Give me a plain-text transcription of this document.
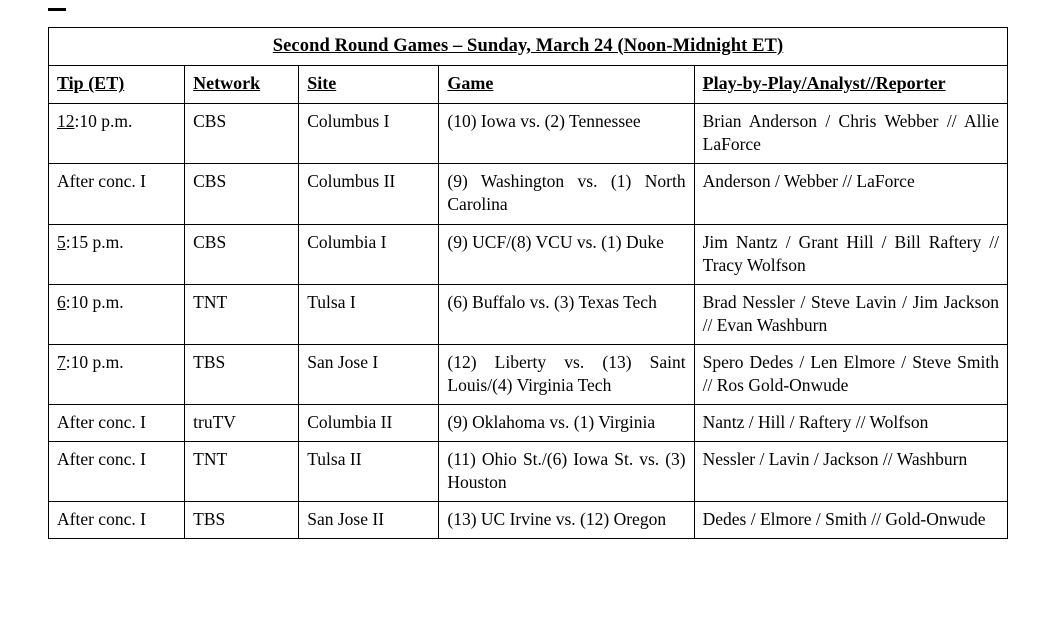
Second Round Games – Sunday, March 24 (Noon-Midnight ET)				
Tip (ET)	Network	Site	Game	Play-by-Play/Analyst//Reporter
12:10 p.m.	CBS	Columbus I	(10) Iowa vs. (2) Tennessee	Brian Anderson / Chris Webber // Allie LaForce

After conc. I	CBS	Columbus II	(9) Washington vs. (1) North Carolina	Anderson / Webber // LaForce

5:15 p.m.	CBS	Columbia I	(9) UCF/(8) VCU vs. (1) Duke	Jim Nantz / Grant Hill / Bill Raftery // Tracy Wolfson

6:10 p.m.	TNT	Tulsa I	(6) Buffalo vs. (3) Texas Tech	Brad Nessler / Steve Lavin / Jim Jackson // Evan Washburn

7:10 p.m.	TBS	San Jose I	(12) Liberty vs. (13) Saint Louis/(4) Virginia Tech	Spero Dedes / Len Elmore / Steve Smith // Ros Gold-Onwude

After conc. I	truTV	Columbia II	(9) Oklahoma vs. (1) Virginia	Nantz / Hill / Raftery // Wolfson

After conc. I	TNT	Tulsa II	(11) Ohio St./(6) Iowa St. vs. (3) Houston	Nessler / Lavin / Jackson // Washburn

After conc. I	TBS	San Jose II	(13) UC Irvine vs. (12) Oregon	Dedes / Elmore / Smith // Gold-Onwude
